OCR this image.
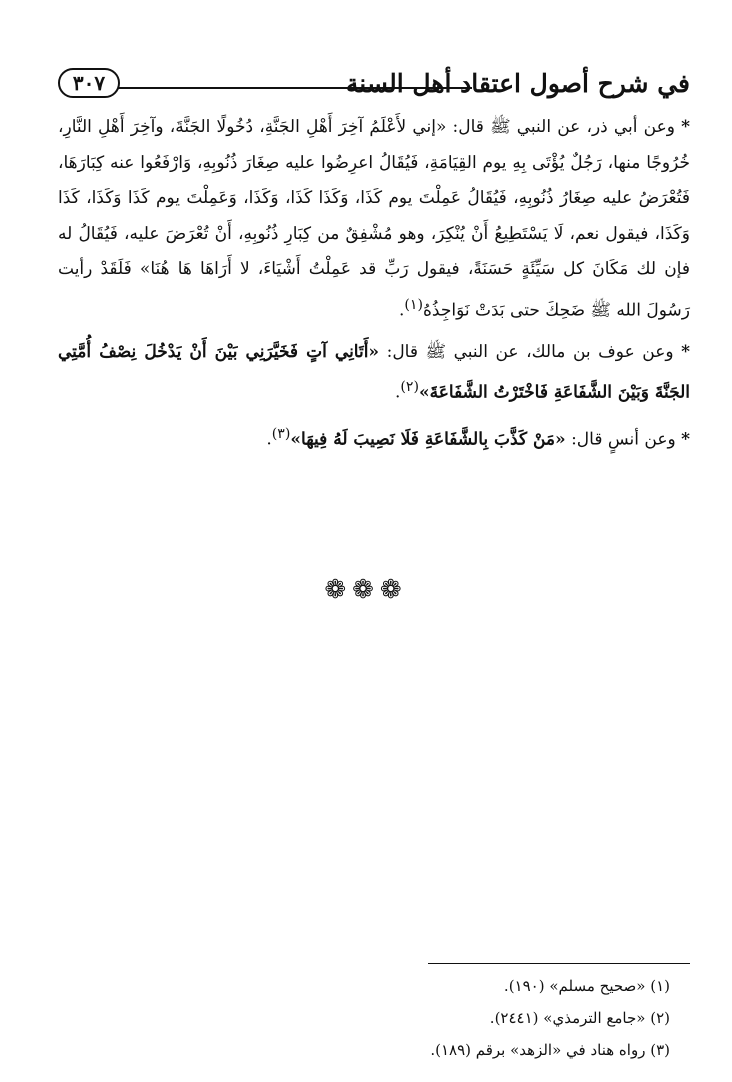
في شرح أصول اعتقاد أهل السنة
٣٠٧

* وعن أبي ذر، عن النبي ﷺ قال: «إني لأَعْلَمُ آخِرَ أَهْلِ الجَنَّةِ، دُخُولًا الجَنَّةَ، وآخِرَ أَهْلِ النَّارِ، خُرُوجًا منها، رَجُلٌ يُؤْتَى بِهِ يوم القِيَامَةِ، فَيُقَالُ اعرِضُوا عليه صِغَارَ ذُنُوبِهِ، وَارْفَعُوا عنه كِبَارَهَا، فَتُعْرَضُ عليه صِغَارُ ذُنُوبِهِ، فَيُقَالُ عَمِلْتَ يوم كَذَا، وَكَذَا كَذَا، وَكَذَا، وَعَمِلْتَ يوم كَذَا وَكَذَا، كَذَا وَكَذَا، فيقول نعم، لَا يَسْتَطِيعُ أَنْ يُنْكِرَ، وهو مُشْفِقٌ من كِبَارِ ذُنُوبِهِ، أَنْ تُعْرَضَ عليه، فَيُقَالُ له فإن لك مَكَانَ كل سَيِّئَةٍ حَسَنَةً، فيقول رَبِّ قد عَمِلْتُ أَشْيَاءَ، لا أَرَاهَا هَا هُنَا» فَلَقَدْ رأيت رَسُولَ الله ﷺ ضَحِكَ حتى بَدَتْ نَوَاجِذُهُ$^{(١)}$.

* وعن عوف بن مالك، عن النبي ﷺ قال: «أَتَانِي آتٍ فَخَيَّرَنِي بَيْنَ أَنْ يَدْخُلَ نِصْفُ أُمَّتِي الجَنَّةَ وَبَيْنَ الشَّفَاعَةِ فَاخْتَرْتُ الشَّفَاعَةَ»$^{(٢)}$.

* وعن أنسٍ قال: «مَنْ كَذَّبَ بِالشَّفَاعَةِ فَلَا نَصِيبَ لَهُ فِيهَا»$^{(٣)}$.

❁❁❁

(١) «صحيح مسلم» (١٩٠).

(٢) «جامع الترمذي» (٢٤٤١).

(٣) رواه هناد في «الزهد» برقم (١٨٩).
